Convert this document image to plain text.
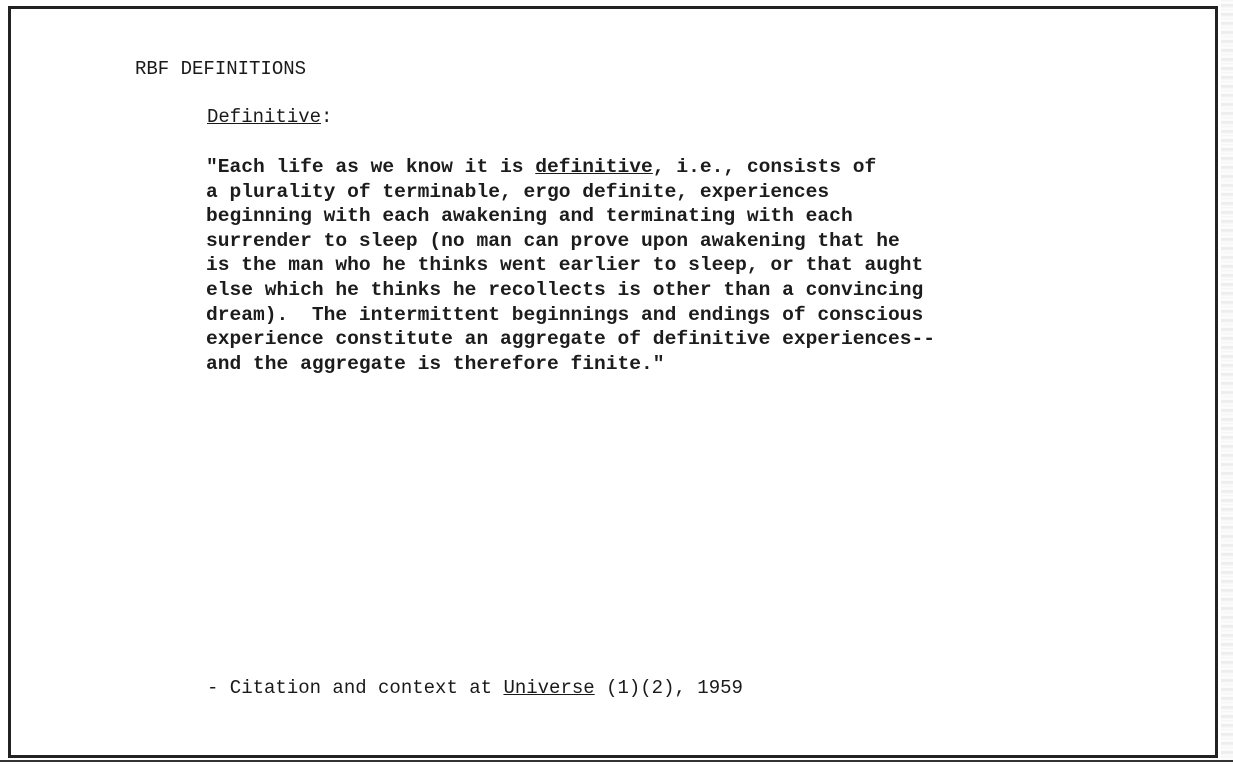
RBF DEFINITIONS
Definitive:
"Each life as we know it is definitive, i.e., consists of
a plurality of terminable, ergo definite, experiences
beginning with each awakening and terminating with each
surrender to sleep (no man can prove upon awakening that he
is the man who he thinks went earlier to sleep, or that aught
else which he thinks he recollects is other than a convincing
dream).  The intermittent beginnings and endings of conscious
experience constitute an aggregate of definitive experiences--
and the aggregate is therefore finite."
- Citation and context at Universe (1)(2), 1959
